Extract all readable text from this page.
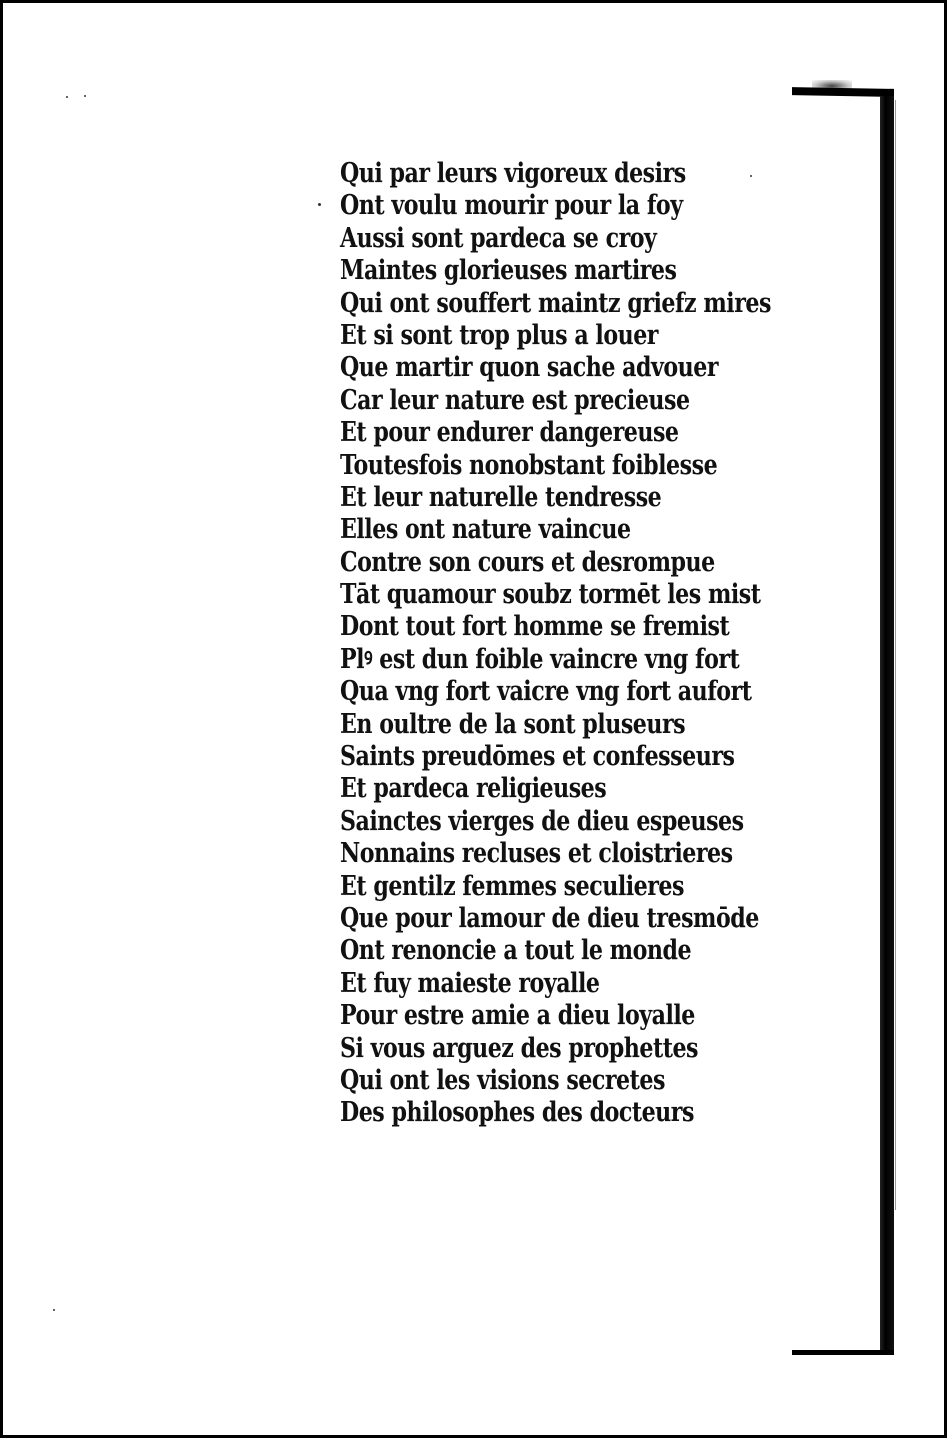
Qui par leurs vigoreux desirs
Ont voulu mourir pour la foy
Aussi sont pardeca se croy
Maintes glorieuses martires
Qui ont souffert maintz griefz mires
Et si sont trop plus a louer
Que martir quon sache advouer
Car leur nature est precieuse
Et pour endurer dangereuse
Toutesfois nonobstant foiblesse
Et leur naturelle tendresse
Elles ont nature vaincue
Contre son cours et desrompue
Tāt quamour soubz tormēt les mist
Dont tout fort homme se fremist
Plꝰ est dun foible vaincre vng fort
Qua vng fort vaicre vng fort aufort
En oultre de la sont pluseurs
Saints preudōmes et confesseurs
Et pardeca religieuses
Sainctes vierges de dieu espeuses
Nonnains recluses et cloistrieres
Et gentilz femmes seculieres
Que pour lamour de dieu tresmōde
Ont renoncie a tout le monde
Et fuy maieste royalle
Pour estre amie a dieu loyalle
Si vous arguez des prophettes
Qui ont les visions secretes
Des philosophes des docteurs
